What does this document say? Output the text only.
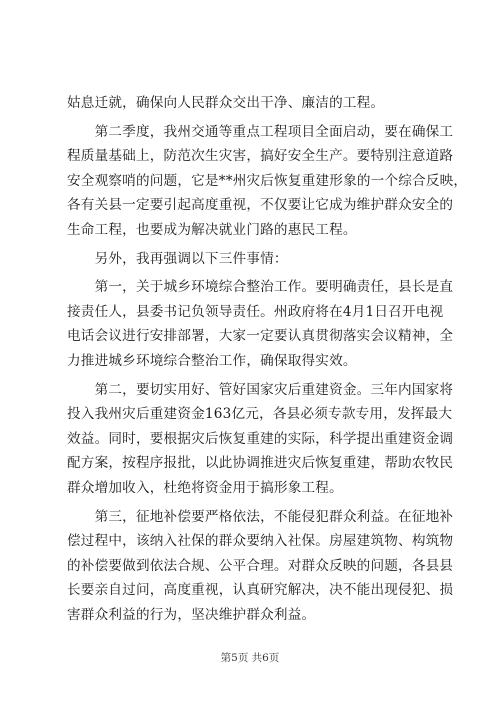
姑息迁就，确保向人民群众交出干净、廉洁的工程。
　　第二季度，我州交通等重点工程项目全面启动，要在确保工
程质量基础上，防范次生灾害，搞好安全生产。要特别注意道路
安全观察哨的问题，它是**州灾后恢复重建形象的一个综合反映，
各有关县一定要引起高度重视，不仅要让它成为维护群众安全的
生命工程，也要成为解决就业门路的惠民工程。
　　另外，我再强调以下三件事情：
　　第一，关于城乡环境综合整治工作。要明确责任，县长是直
接责任人，县委书记负领导责任。州政府将在4月1日召开电视
电话会议进行安排部署，大家一定要认真贯彻落实会议精神，全
力推进城乡环境综合整治工作，确保取得实效。
　　第二，要切实用好、管好国家灾后重建资金。三年内国家将
投入我州灾后重建资金163亿元，各县必须专款专用，发挥最大
效益。同时，要根据灾后恢复重建的实际，科学提出重建资金调
配方案，按程序报批，以此协调推进灾后恢复重建，帮助农牧民
群众增加收入，杜绝将资金用于搞形象工程。
　　第三，征地补偿要严格依法，不能侵犯群众利益。在征地补
偿过程中，该纳入社保的群众要纳入社保。房屋建筑物、构筑物
的补偿要做到依法合规、公平合理。对群众反映的问题，各县县
长要亲自过问，高度重视，认真研究解决，决不能出现侵犯、损
害群众利益的行为，坚决维护群众利益。
第5页 共6页
